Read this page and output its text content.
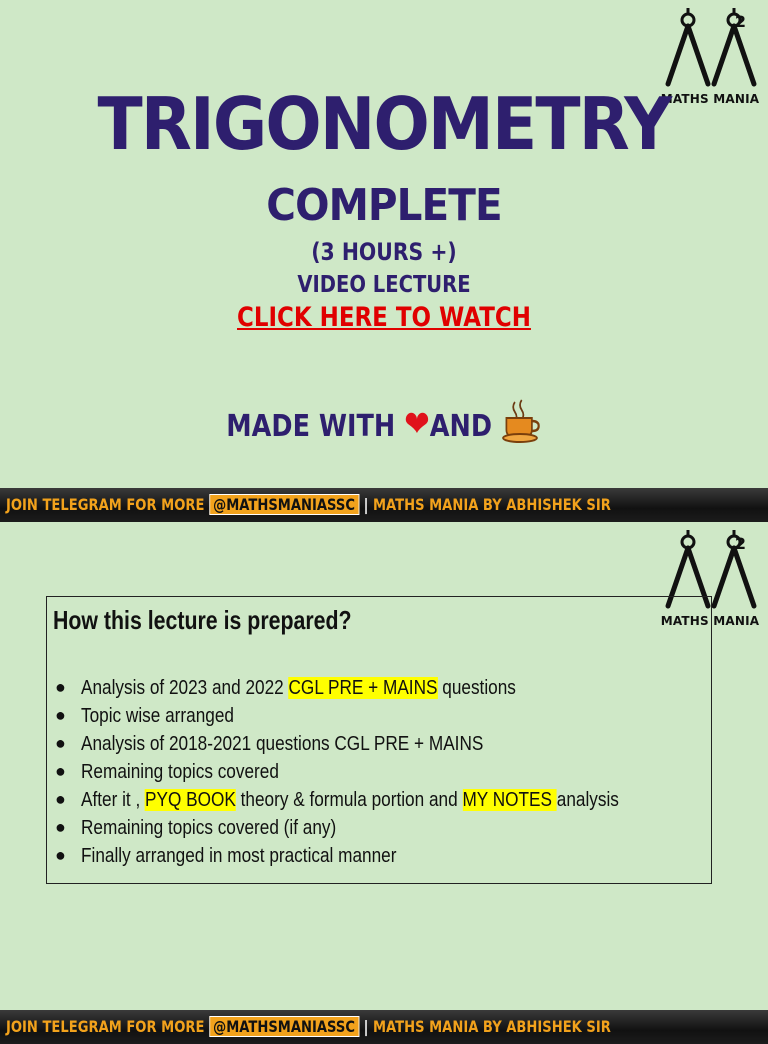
2
MATHS MANIA
TRIGONOMETRY
COMPLETE
(3 HOURS +)
VIDEO LECTURE
CLICK HERE TO WATCH
MADE WITH ❤AND
JOIN TELEGRAM FOR MORE @MATHSMANIASSC | MATHS MANIA BY ABHISHEK SIR
2
MATHS MANIA
How this lecture is prepared?
● Analysis of 2023 and 2022 CGL PRE + MAINS questions
● Topic wise arranged
● Analysis of 2018-2021 questions CGL PRE + MAINS
● Remaining topics covered
● After it , PYQ BOOK theory & formula portion and MY NOTES analysis
● Remaining topics covered (if any)
● Finally arranged in most practical manner
JOIN TELEGRAM FOR MORE @MATHSMANIASSC | MATHS MANIA BY ABHISHEK SIR
